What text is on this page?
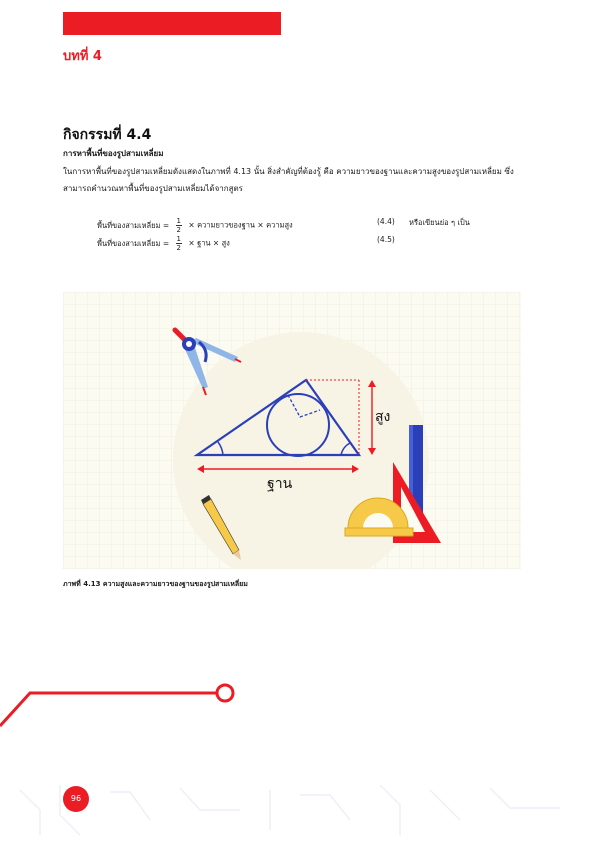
บทที่ 4
กิจกรรมที่ 4.4
การหาพื้นที่ของรูปสามเหลี่ยม
ในการหาพื้นที่ของรูปสามเหลี่ยมดังแสดงในภาพที่ 4.13 นั้น สิ่งสำคัญที่ต้องรู้ คือ ความยาวของฐานและความสูงของรูปสามเหลี่ยม ซึ่งสามารถคำนวณหาพื้นที่ของรูปสามเหลี่ยมได้จากสูตร
พื้นที่ของสามเหลี่ยม = $\frac{1}{2}$ × ความยาวของฐาน × ความสูง	(4.4) หรือเขียนย่อ ๆ เป็น
พื้นที่ของสามเหลี่ยม = $\frac{1}{2}$ × ฐาน × สูง	(4.5)
สูง
ฐาน
ภาพที่ 4.13 ความสูงและความยาวของฐานของรูปสามเหลี่ยม
96
